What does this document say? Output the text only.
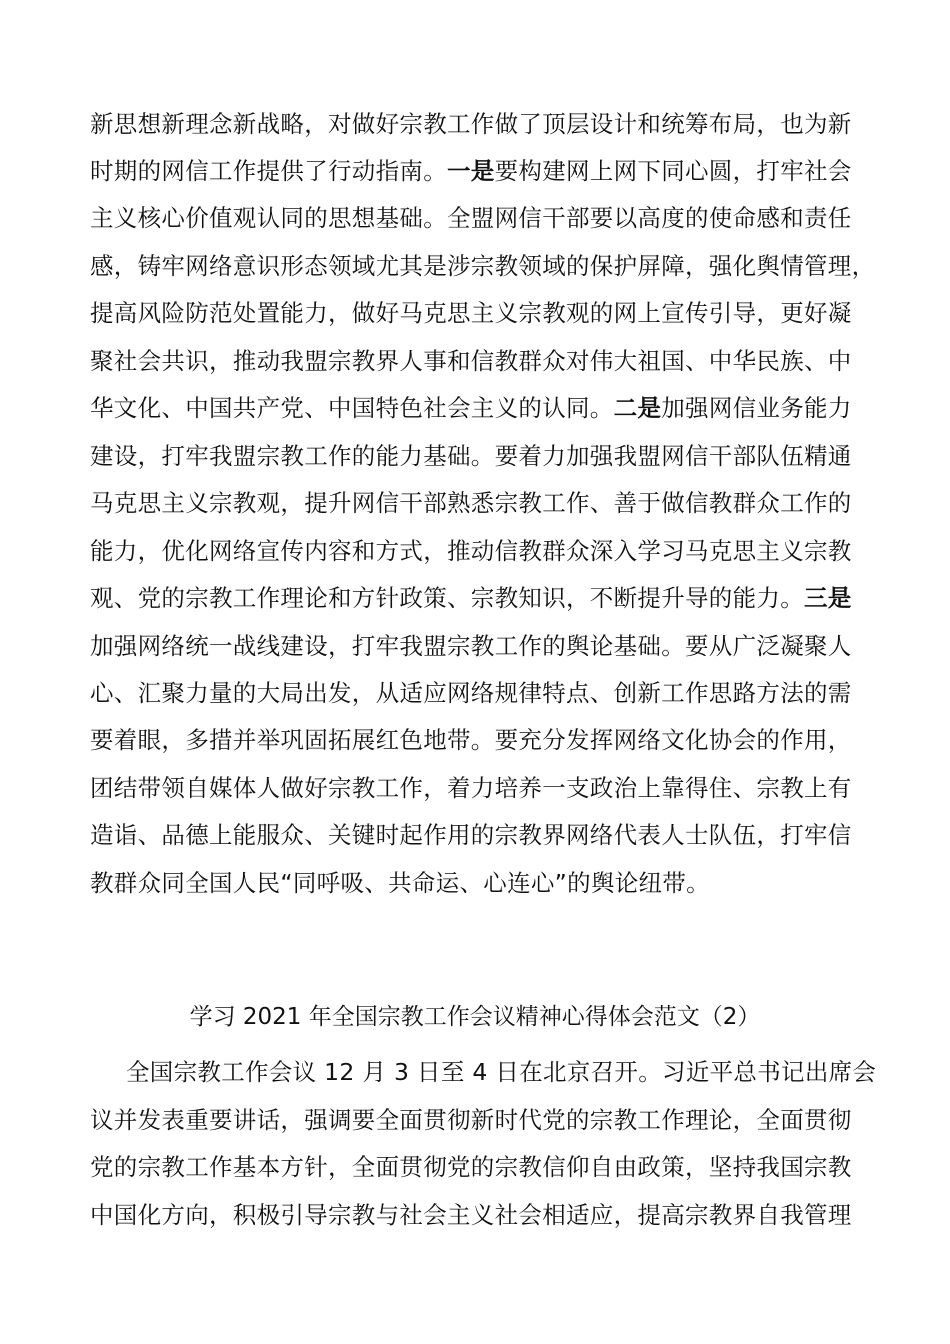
新思想新理念新战略，对做好宗教工作做了顶层设计和统筹布局，也为新
时期的网信工作提供了行动指南。一是要构建网上网下同心圆，打牢社会
主义核心价值观认同的思想基础。全盟网信干部要以高度的使命感和责任
感，铸牢网络意识形态领域尤其是涉宗教领域的保护屏障，强化舆情管理，
提高风险防范处置能力，做好马克思主义宗教观的网上宣传引导，更好凝
聚社会共识，推动我盟宗教界人事和信教群众对伟大祖国、中华民族、中
华文化、中国共产党、中国特色社会主义的认同。二是加强网信业务能力
建设，打牢我盟宗教工作的能力基础。要着力加强我盟网信干部队伍精通
马克思主义宗教观，提升网信干部熟悉宗教工作、善于做信教群众工作的
能力，优化网络宣传内容和方式，推动信教群众深入学习马克思主义宗教
观、党的宗教工作理论和方针政策、宗教知识，不断提升导的能力。三是
加强网络统一战线建设，打牢我盟宗教工作的舆论基础。要从广泛凝聚人
心、汇聚力量的大局出发，从适应网络规律特点、创新工作思路方法的需
要着眼，多措并举巩固拓展红色地带。要充分发挥网络文化协会的作用，
团结带领自媒体人做好宗教工作，着力培养一支政治上靠得住、宗教上有
造诣、品德上能服众、关键时起作用的宗教界网络代表人士队伍，打牢信
教群众同全国人民“同呼吸、共命运、心连心”的舆论纽带。
学习 2021 年全国宗教工作会议精神心得体会范文（2）
全国宗教工作会议 12 月 3 日至 4 日在北京召开。习近平总书记出席会
议并发表重要讲话，强调要全面贯彻新时代党的宗教工作理论，全面贯彻
党的宗教工作基本方针，全面贯彻党的宗教信仰自由政策，坚持我国宗教
中国化方向，积极引导宗教与社会主义社会相适应，提高宗教界自我管理
